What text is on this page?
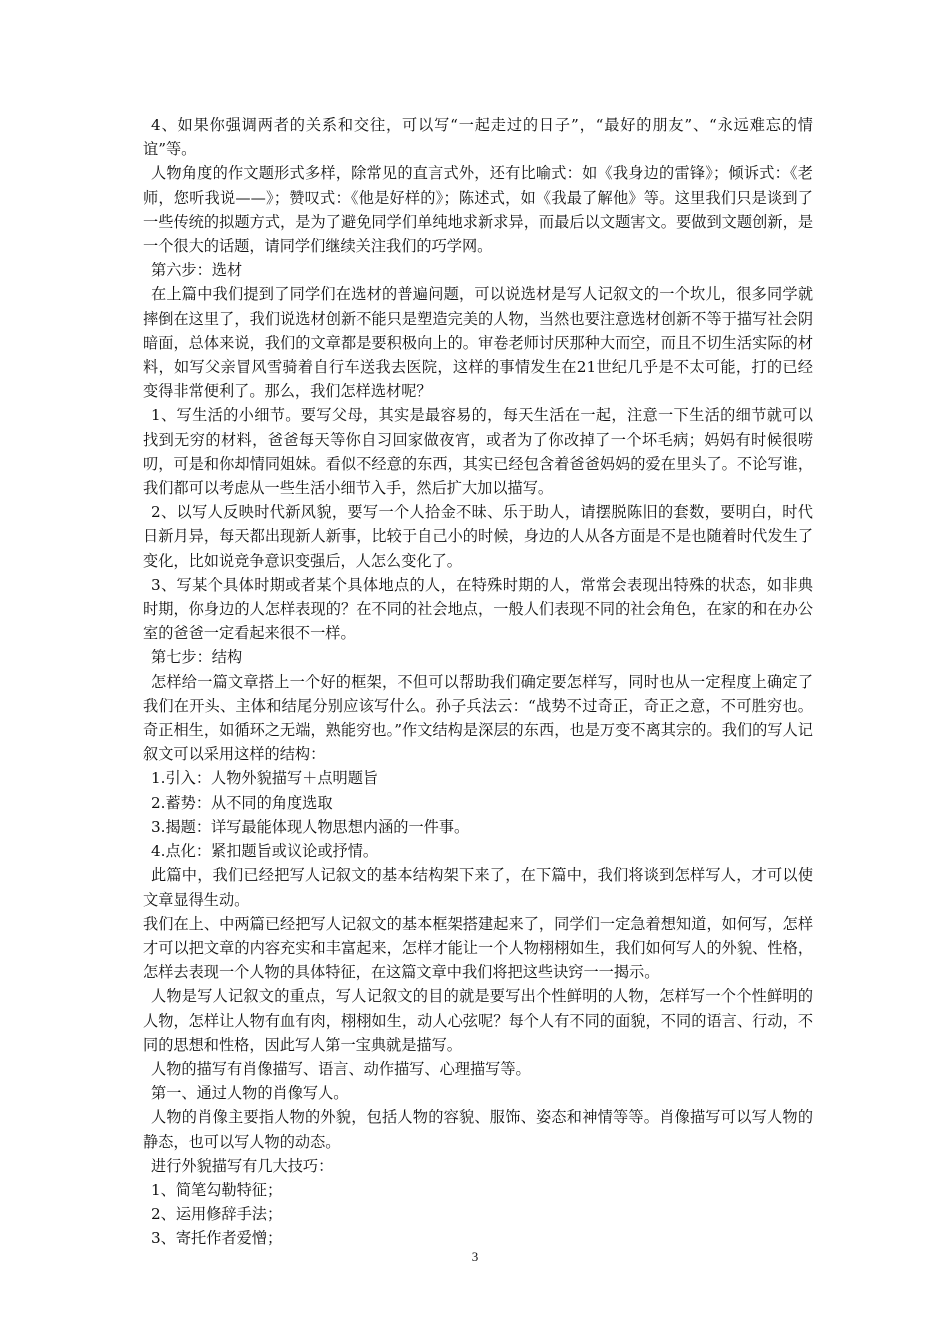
4、如果你强调两者的关系和交往，可以写“一起走过的日子”，“最好的朋友”、“永远难忘的情谊”等。

人物角度的作文题形式多样，除常见的直言式外，还有比喻式：如《我身边的雷锋》；倾诉式：《老师，您听我说——》；赞叹式：《他是好样的》；陈述式，如《我最了解他》等。这里我们只是谈到了一些传统的拟题方式，是为了避免同学们单纯地求新求异，而最后以文题害文。要做到文题创新，是一个很大的话题，请同学们继续关注我们的巧学网。

第六步：选材

在上篇中我们提到了同学们在选材的普遍问题，可以说选材是写人记叙文的一个坎儿，很多同学就摔倒在这里了，我们说选材创新不能只是塑造完美的人物，当然也要注意选材创新不等于描写社会阴暗面，总体来说，我们的文章都是要积极向上的。审卷老师讨厌那种大而空，而且不切生活实际的材料，如写父亲冒风雪骑着自行车送我去医院，这样的事情发生在21世纪几乎是不太可能，打的已经变得非常便利了。那么，我们怎样选材呢？

1、写生活的小细节。要写父母，其实是最容易的，每天生活在一起，注意一下生活的细节就可以找到无穷的材料，爸爸每天等你自习回家做夜宵，或者为了你改掉了一个坏毛病；妈妈有时候很唠叨，可是和你却情同姐妹。看似不经意的东西，其实已经包含着爸爸妈妈的爱在里头了。不论写谁，我们都可以考虑从一些生活小细节入手，然后扩大加以描写。

2、以写人反映时代新风貌，要写一个人拾金不昧、乐于助人，请摆脱陈旧的套数，要明白，时代日新月异，每天都出现新人新事，比较于自己小的时候，身边的人从各方面是不是也随着时代发生了变化，比如说竞争意识变强后，人怎么变化了。

3、写某个具体时期或者某个具体地点的人，在特殊时期的人，常常会表现出特殊的状态，如非典时期，你身边的人怎样表现的？在不同的社会地点，一般人们表现不同的社会角色，在家的和在办公室的爸爸一定看起来很不一样。

第七步：结构

怎样给一篇文章搭上一个好的框架，不但可以帮助我们确定要怎样写，同时也从一定程度上确定了我们在开头、主体和结尾分别应该写什么。孙子兵法云：“战势不过奇正，奇正之意，不可胜穷也。奇正相生，如循环之无端，熟能穷也。”作文结构是深层的东西，也是万变不离其宗的。我们的写人记叙文可以采用这样的结构：

1.引入：人物外貌描写＋点明题旨

2.蓄势：从不同的角度选取

3.揭题：详写最能体现人物思想内涵的一件事。

4.点化：紧扣题旨或议论或抒情。

此篇中，我们已经把写人记叙文的基本结构架下来了，在下篇中，我们将谈到怎样写人，才可以使文章显得生动。

我们在上、中两篇已经把写人记叙文的基本框架搭建起来了，同学们一定急着想知道，如何写，怎样才可以把文章的内容充实和丰富起来，怎样才能让一个人物栩栩如生，我们如何写人的外貌、性格，怎样去表现一个人物的具体特征，在这篇文章中我们将把这些诀窍一一揭示。

人物是写人记叙文的重点，写人记叙文的目的就是要写出个性鲜明的人物，怎样写一个个性鲜明的人物，怎样让人物有血有肉，栩栩如生，动人心弦呢？每个人有不同的面貌，不同的语言、行动，不同的思想和性格，因此写人第一宝典就是描写。

人物的描写有肖像描写、语言、动作描写、心理描写等。

第一、通过人物的肖像写人。

人物的肖像主要指人物的外貌，包括人物的容貌、服饰、姿态和神情等等。肖像描写可以写人物的静态，也可以写人物的动态。

进行外貌描写有几大技巧：

1、简笔勾勒特征；

2、运用修辞手法；

3、寄托作者爱憎；

3
